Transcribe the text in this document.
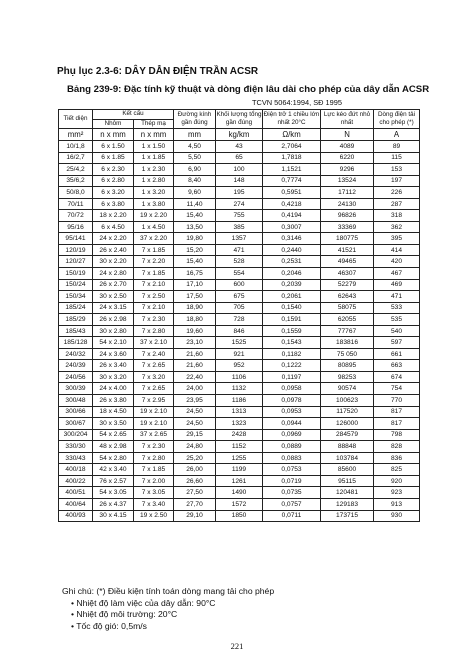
Phụ lục 2.3-6: DÂY DẪN ĐIỆN TRẦN ACSR
Bảng 239-9: Đặc tính kỹ thuật và dòng điện lâu dài cho phép của dây dẫn ACSR
TCVN 5064:1994, SĐ 1995
Tiết diện	Kết cấu		Đường kính gần đúng	Khối lượng tổng gần đúng	Điện trở 1 chiều lớn nhất 20°C	Lực kéo đứt nhỏ nhất	Dòng điện tải cho phép (*)
	Nhôm	Thép mạ					
mm²	n x mm	n x mm	mm	kg/km	Ω/km	N	A
10/1,8	6 x 1.50	1 x 1.50	4,50	43	2,7064	4089	89
16/2,7	6 x 1.85	1 x 1.85	5,50	65	1,7818	6220	115
25/4,2	6 x 2.30	1 x 2.30	6,90	100	1,1521	9296	153
35/6,2	6 x 2.80	1 x 2.80	8,40	148	0,7774	13524	197
50/8,0	6 x 3.20	1 x 3.20	9,60	195	0,5951	17112	226
70/11	6 x 3.80	1 x 3.80	11,40	274	0,4218	24130	287
70/72	18 x 2.20	19 x 2.20	15,40	755	0,4194	96826	318
95/16	6 x 4.50	1 x 4.50	13,50	385	0,3007	33369	362
95/141	24 x 2.20	37 x 2.20	19,80	1357	0,3146	180775	395
120/19	26 x 2.40	7 x 1.85	15,20	471	0,2440	41521	414
120/27	30 x 2.20	7 x 2.20	15,40	528	0,2531	49465	420
150/19	24 x 2.80	7 x 1.85	16,75	554	0,2046	46307	467
150/24	26 x 2.70	7 x 2.10	17,10	600	0,2039	52279	469
150/34	30 x 2.50	7 x 2.50	17,50	675	0,2061	62643	471
185/24	24 x 3.15	7 x 2.10	18,90	705	0,1540	58075	533
185/29	26 x 2.98	7 x 2.30	18,80	728	0,1591	62055	535
185/43	30 x 2.80	7 x 2.80	19,60	846	0,1559	77767	540
185/128	54 x 2.10	37 x 2.10	23,10	1525	0,1543	183816	597
240/32	24 x 3.60	7 x 2.40	21,60	921	0,1182	75 050	661
240/39	26 x 3.40	7 x 2.65	21,60	952	0,1222	80895	663
240/56	30 x 3.20	7 x 3.20	22,40	1106	0,1197	98253	674
300/39	24 x 4.00	7 x 2.65	24,00	1132	0,0958	90574	754
300/48	26 x 3.80	7 x 2.95	23,95	1186	0,0978	100623	770
300/66	18 x 4.50	19 x 2.10	24,50	1313	0,0953	117520	817
300/67	30 x 3.50	19 x 2.10	24,50	1323	0,0944	126000	817
300/204	54 x 2.65	37 x 2.65	29,15	2428	0,0969	284579	798
330/30	48 x 2.98	7 x 2.30	24,80	1152	0,0889	88848	828
330/43	54 x 2.80	7 x 2.80	25,20	1255	0,0883	103784	836
400/18	42 x 3.40	7 x 1.85	26,00	1199	0,0753	85600	825
400/22	76 x 2.57	7 x 2.00	26,60	1261	0,0719	95115	920
400/51	54 x 3.05	7 x 3.05	27,50	1490	0,0735	120481	923
400/64	26 x 4.37	7 x 3.40	27,70	1572	0,0757	129183	913
400/93	30 x 4.15	19 x 2.50	29,10	1850	0,0711	173715	930
Ghi chú: (*) Điều kiện tính toán dòng mang tải cho phép
• Nhiệt độ làm việc của dây dẫn: 90°C
• Nhiệt độ môi trường: 20°C
• Tốc độ gió: 0,5m/s
221
